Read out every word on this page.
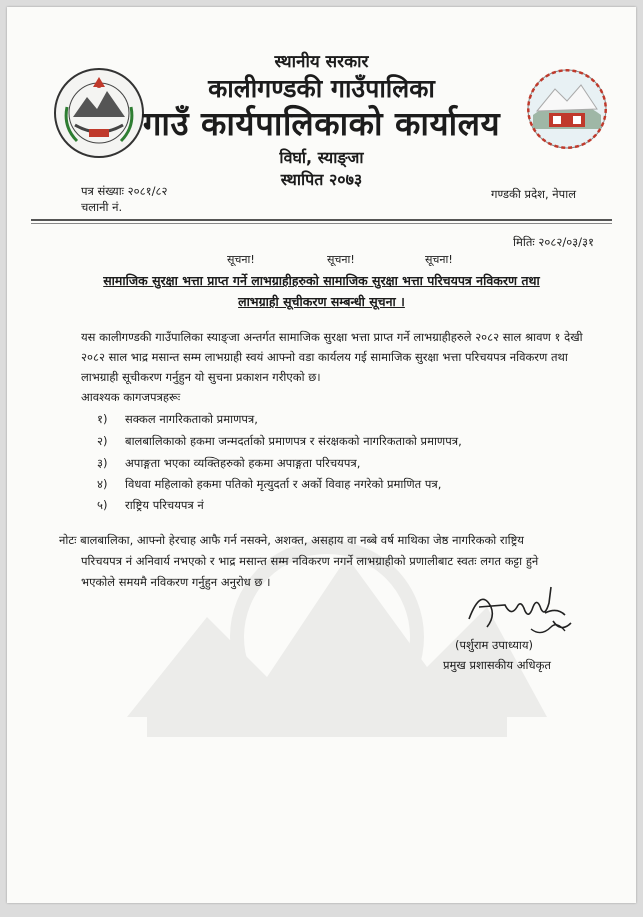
स्थानीय सरकार
कालीगण्डकी गाउँपालिका
गाउँ कार्यपालिकाको कार्यालय
विर्घा, स्याङ्जा
स्थापित २०७३
पत्र संख्याः २०८१/८२
चलानी नं.
गण्डकी प्रदेश, नेपाल
मितिः २०८२/०३/३१
सूचना!	सूचना!	सूचना!
सामाजिक सुरक्षा भत्ता प्राप्त गर्ने लाभग्राहीहरुको सामाजिक सुरक्षा भत्ता परिचयपत्र नविकरण तथा
लाभग्राही सूचीकरण सम्बन्धी सूचना ।
यस कालीगण्डकी गाउँपालिका स्याङ्जा अन्तर्गत सामाजिक सुरक्षा भत्ता प्राप्त गर्ने लाभग्राहीहरुले २०८२ साल श्रावण १ देखी २०८२ साल भाद्र मसान्त सम्म लाभग्राही स्वयं आफ्नो वडा कार्यलय गई सामाजिक सुरक्षा भत्ता परिचयपत्र नविकरण तथा लाभग्राही सूचीकरण गर्नुहुन यो सुचना प्रकाशन गरीएको छ।
आवश्यक कागजपत्रहरूः
१) सक्कल नागरिकताको प्रमाणपत्र,
२) बालबालिकाको हकमा जन्मदर्ताको प्रमाणपत्र र संरक्षकको नागरिकताको प्रमाणपत्र,
३) अपाङ्गता भएका व्यक्तिहरुको हकमा अपाङ्गता परिचयपत्र,
४) विधवा महिलाको हकमा पतिको मृत्युदर्ता र अर्को विवाह नगरेको प्रमाणित पत्र,
५) राष्ट्रिय परिचयपत्र नं
नोटः बालबालिका, आफ्नो हेरचाह आफै गर्न नसक्ने, अशक्त, असहाय वा नब्बे वर्ष माथिका जेष्ठ नागरिकको राष्ट्रिय
परिचयपत्र नं अनिवार्य नभएको र भाद्र मसान्त सम्म नविकरण नगर्ने लाभग्राहीको प्रणालीबाट स्वतः लगत कट्टा हुने
भएकोले समयमै नविकरण गर्नुहुन अनुरोध छ ।
(पर्शुराम उपाध्याय)
प्रमुख प्रशासकीय अधिकृत
